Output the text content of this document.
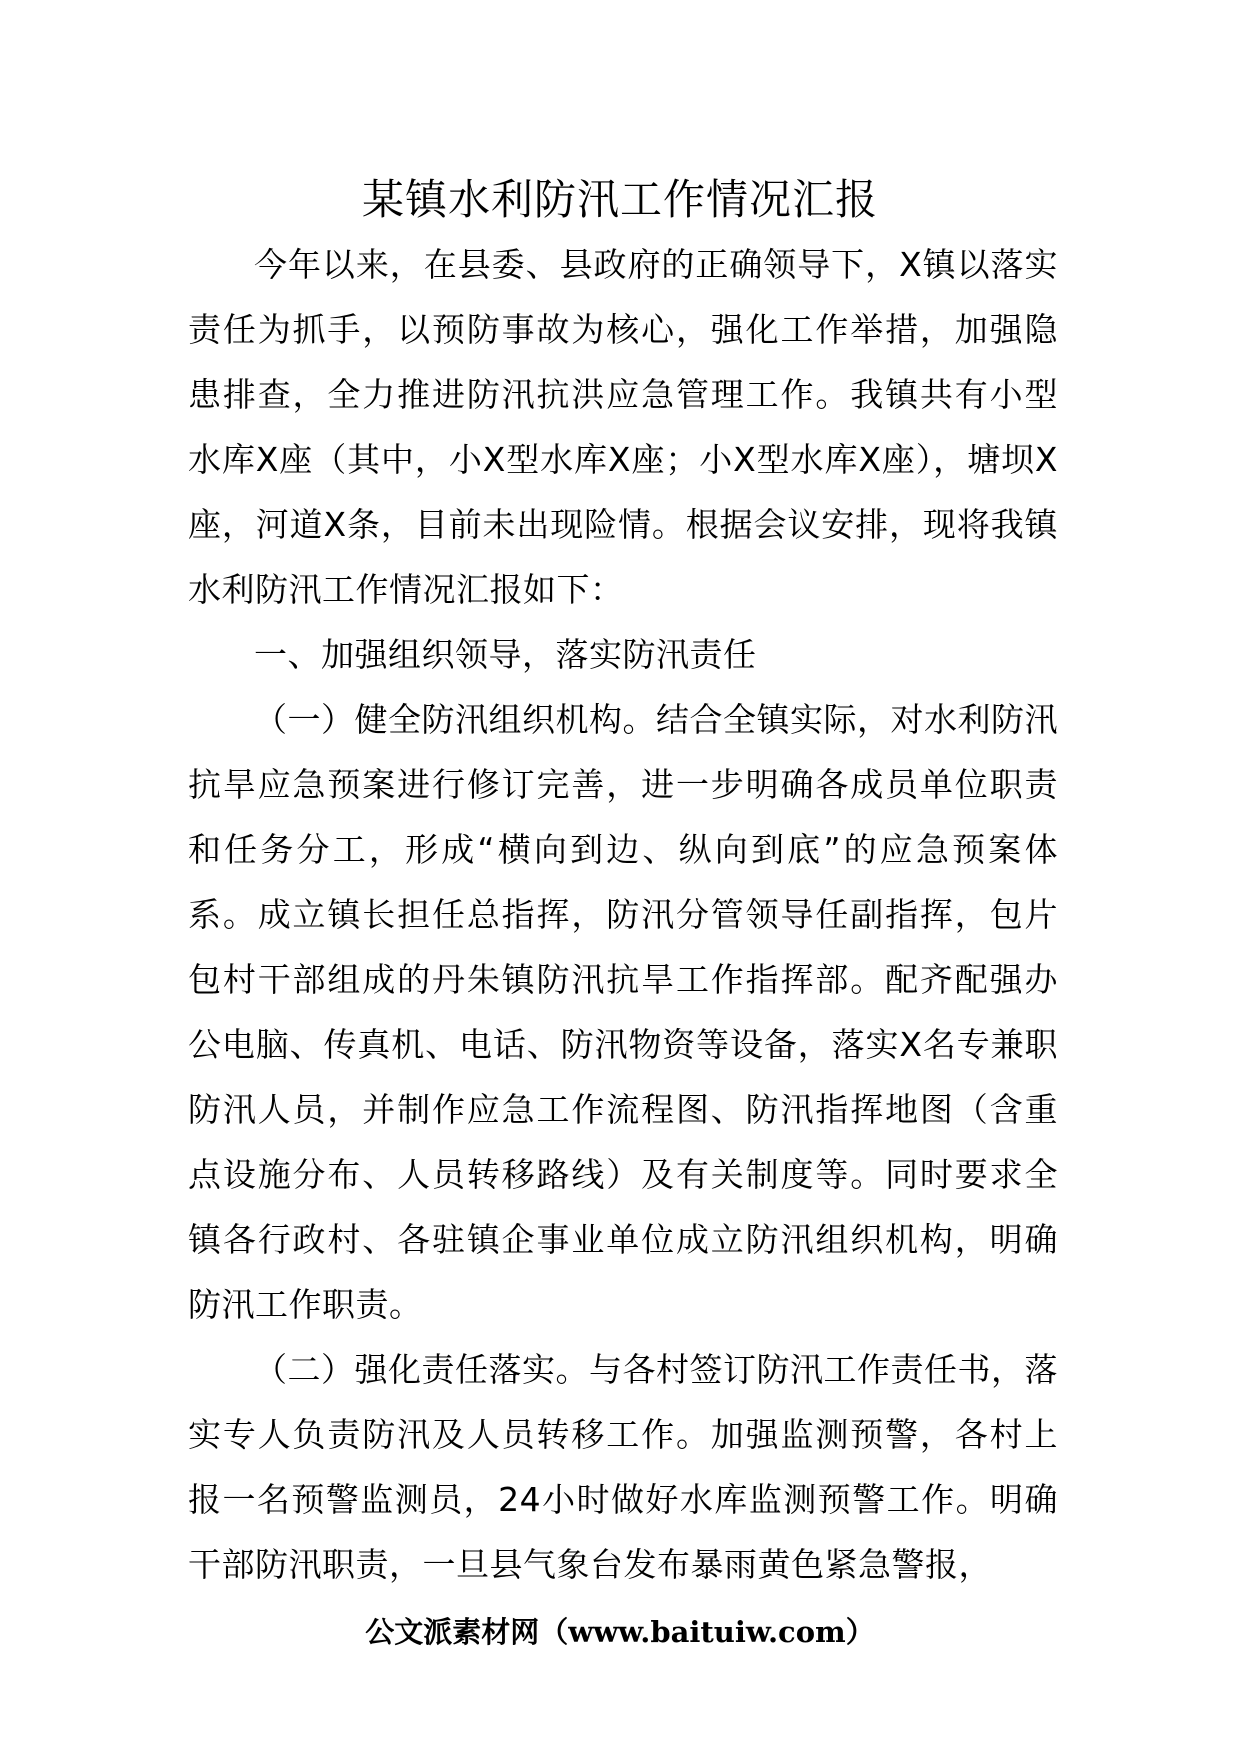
某镇水利防汛工作情况汇报

今年以来，在县委、县政府的正确领导下，X镇以落实责任为抓手，以预防事故为核心，强化工作举措，加强隐患排查，全力推进防汛抗洪应急管理工作。我镇共有小型水库X座（其中，小X型水库X座；小X型水库X座），塘坝X座，河道X条，目前未出现险情。根据会议安排，现将我镇水利防汛工作情况汇报如下：

一、加强组织领导，落实防汛责任

（一）健全防汛组织机构。结合全镇实际，对水利防汛抗旱应急预案进行修订完善，进一步明确各成员单位职责和任务分工，形成“横向到边、纵向到底”的应急预案体系。成立镇长担任总指挥，防汛分管领导任副指挥，包片包村干部组成的丹朱镇防汛抗旱工作指挥部。配齐配强办公电脑、传真机、电话、防汛物资等设备，落实X名专兼职防汛人员，并制作应急工作流程图、防汛指挥地图（含重点设施分布、人员转移路线）及有关制度等。同时要求全镇各行政村、各驻镇企事业单位成立防汛组织机构，明确防汛工作职责。

（二）强化责任落实。与各村签订防汛工作责任书，落实专人负责防汛及人员转移工作。加强监测预警，各村上报一名预警监测员，24小时做好水库监测预警工作。明确干部防汛职责，一旦县气象台发布暴雨黄色紧急警报，

公文派素材网（www.baituiw.com）
